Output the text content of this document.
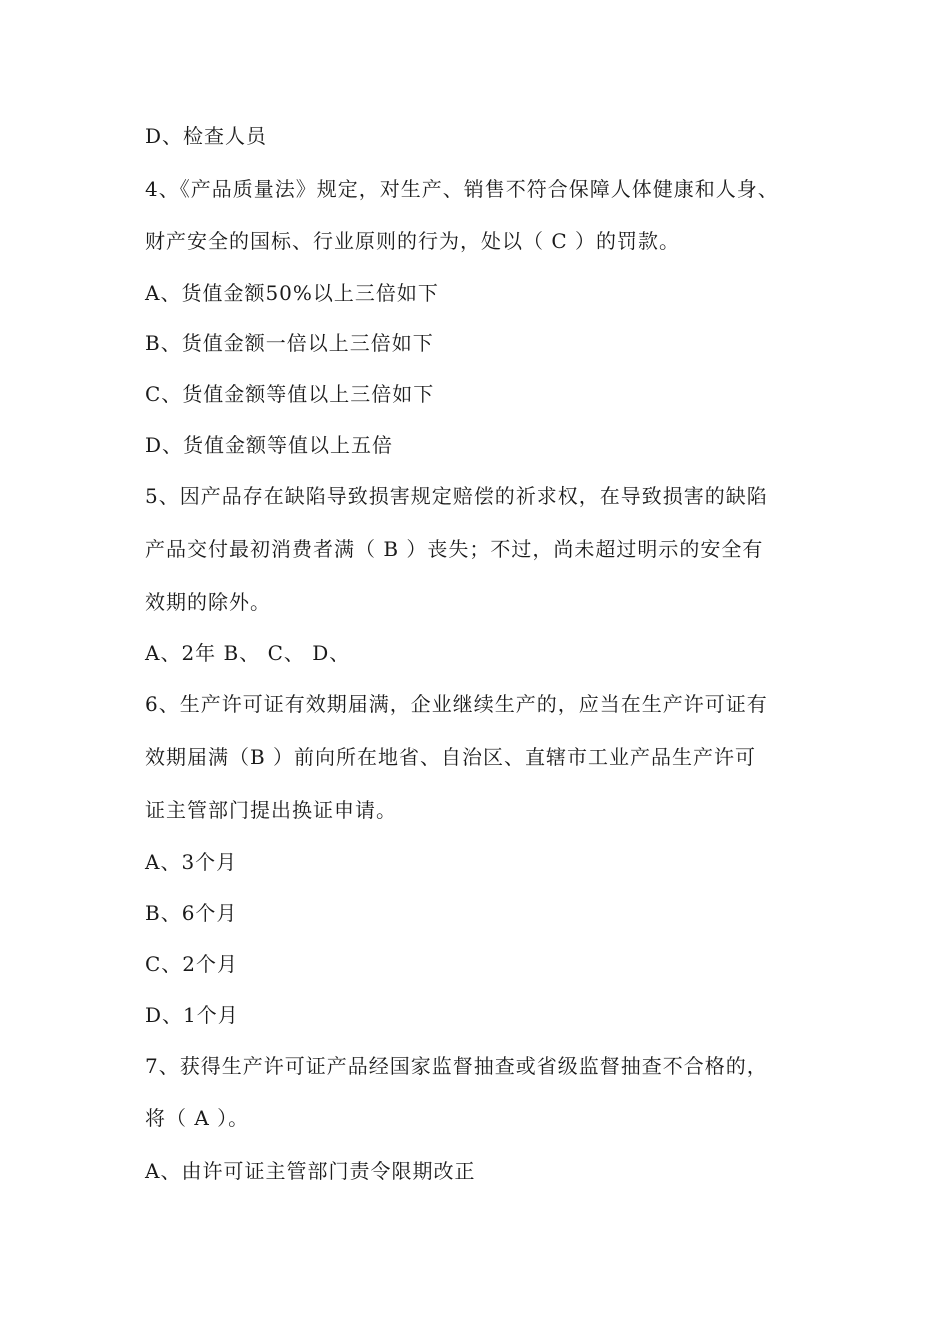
D、检查人员
4、《产品质量法》规定，对生产、销售不符合保障人体健康和人身、
财产安全的国标、行业原则的行为，处以（ C ）的罚款。
A、货值金额50%以上三倍如下
B、货值金额一倍以上三倍如下
C、货值金额等值以上三倍如下
D、货值金额等值以上五倍
5、因产品存在缺陷导致损害规定赔偿的祈求权，在导致损害的缺陷
产品交付最初消费者满（ B ）丧失；不过，尚未超过明示的安全有
效期的除外。
A、2年 B、 C、 D、
6、生产许可证有效期届满，企业继续生产的，应当在生产许可证有
效期届满（B ）前向所在地省、自治区、直辖市工业产品生产许可
证主管部门提出换证申请。
A、3个月
B、6个月
C、2个月
D、1个月
7、获得生产许可证产品经国家监督抽查或省级监督抽查不合格的，
将（ A ）。
A、由许可证主管部门责令限期改正
